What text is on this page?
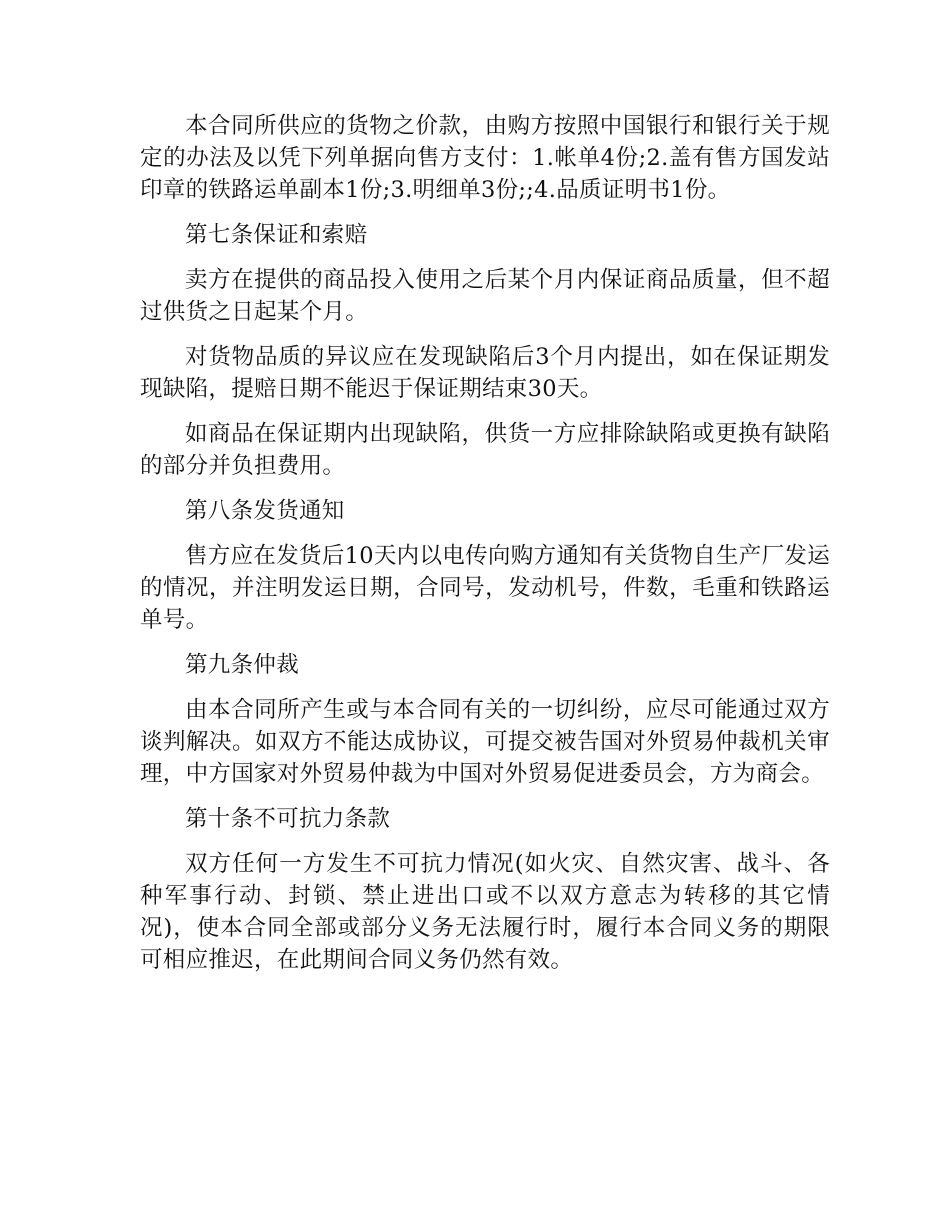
本合同所供应的货物之价款，由购方按照中国银行和银行关于规定的办法及以凭下列单据向售方支付：1.帐单4份;2.盖有售方国发站印章的铁路运单副本1份;3.明细单3份;;4.品质证明书1份。

第七条保证和索赔

卖方在提供的商品投入使用之后某个月内保证商品质量，但不超过供货之日起某个月。

对货物品质的异议应在发现缺陷后3个月内提出，如在保证期发现缺陷，提赔日期不能迟于保证期结束30天。

如商品在保证期内出现缺陷，供货一方应排除缺陷或更换有缺陷的部分并负担费用。

第八条发货通知

售方应在发货后10天内以电传向购方通知有关货物自生产厂发运的情况，并注明发运日期，合同号，发动机号，件数，毛重和铁路运单号。

第九条仲裁

由本合同所产生或与本合同有关的一切纠纷，应尽可能通过双方谈判解决。如双方不能达成协议，可提交被告国对外贸易仲裁机关审理，中方国家对外贸易仲裁为中国对外贸易促进委员会，方为商会。

第十条不可抗力条款

双方任何一方发生不可抗力情况(如火灾、自然灾害、战斗、各种军事行动、封锁、禁止进出口或不以双方意志为转移的其它情况)，使本合同全部或部分义务无法履行时，履行本合同义务的期限可相应推迟，在此期间合同义务仍然有效。
